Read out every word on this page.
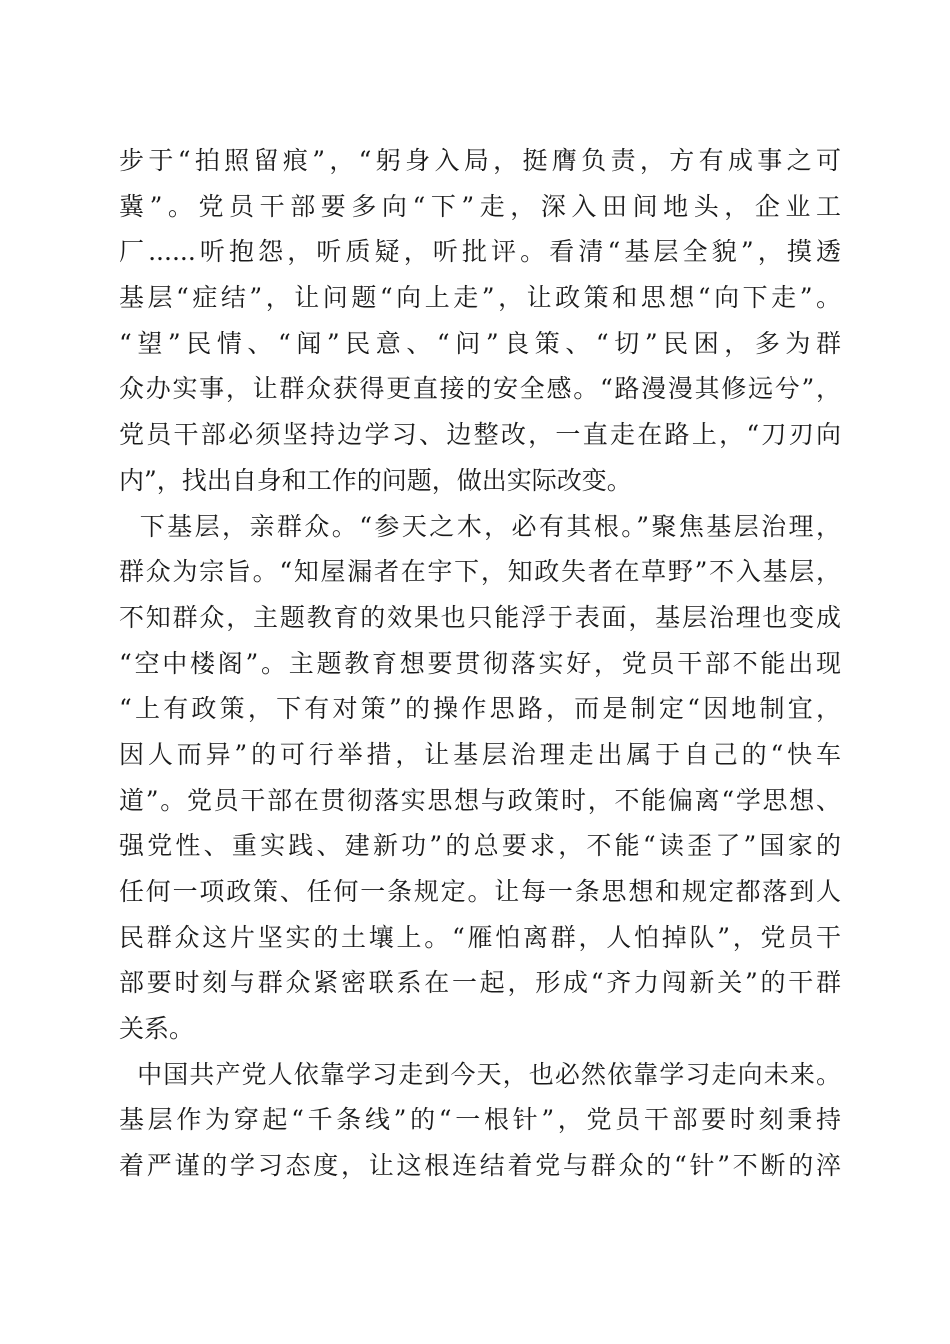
步于“拍照留痕”，“躬身入局，挺膺负责，方有成事之可
冀”。党员干部要多向“下”走，深入田间地头，企业工
厂......听抱怨，听质疑，听批评。看清“基层全貌”，摸透
基层“症结”，让问题“向上走”，让政策和思想“向下走”。
“望”民情、“闻”民意、“问”良策、“切”民困，多为群
众办实事，让群众获得更直接的安全感。“路漫漫其修远兮”，
党员干部必须坚持边学习、边整改，一直走在路上，“刀刃向
内”，找出自身和工作的问题，做出实际改变。
下基层，亲群众。“参天之木，必有其根。”聚焦基层治理，
群众为宗旨。“知屋漏者在宇下，知政失者在草野”不入基层，
不知群众，主题教育的效果也只能浮于表面，基层治理也变成
“空中楼阁”。主题教育想要贯彻落实好，党员干部不能出现
“上有政策，下有对策”的操作思路，而是制定“因地制宜，
因人而异”的可行举措，让基层治理走出属于自己的“快车
道”。党员干部在贯彻落实思想与政策时，不能偏离“学思想、
强党性、重实践、建新功”的总要求，不能“读歪了”国家的
任何一项政策、任何一条规定。让每一条思想和规定都落到人
民群众这片坚实的土壤上。“雁怕离群，人怕掉队”，党员干
部要时刻与群众紧密联系在一起，形成“齐力闯新关”的干群
关系。
中国共产党人依靠学习走到今天，也必然依靠学习走向未来。
基层作为穿起“千条线”的“一根针”，党员干部要时刻秉持
着严谨的学习态度，让这根连结着党与群众的“针”不断的淬
